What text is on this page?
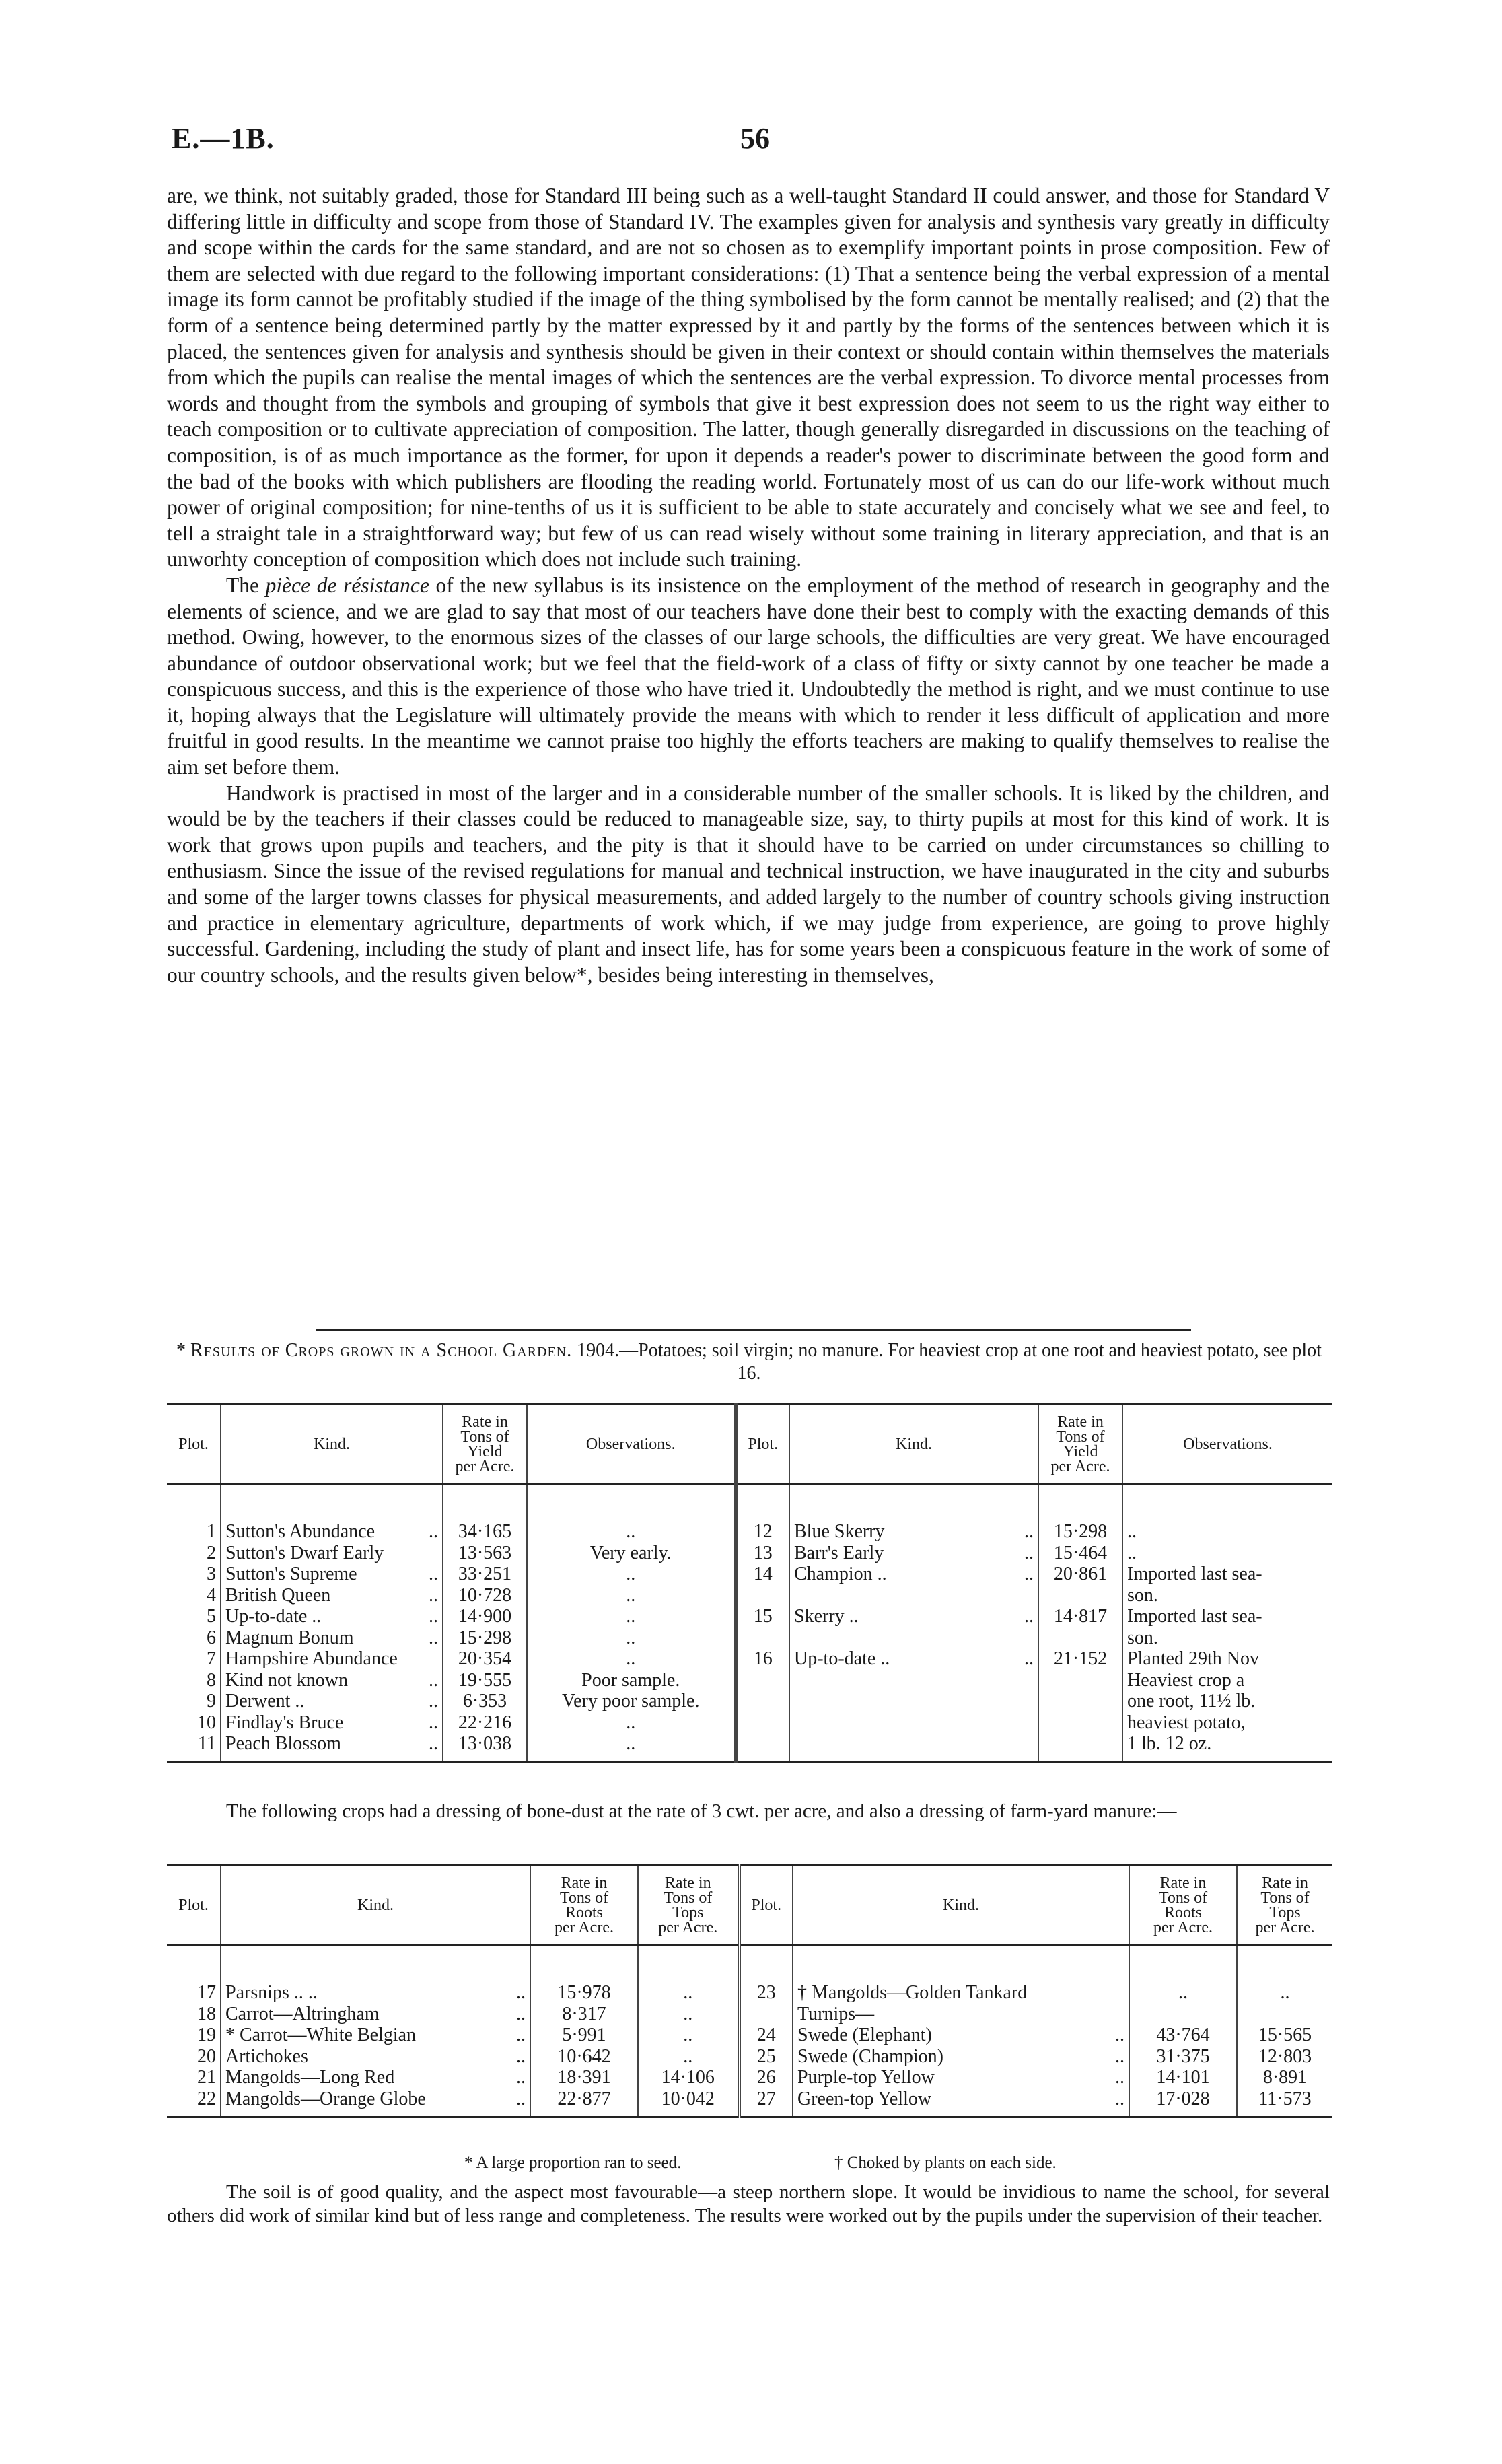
E.—1B.	56

are, we think, not suitably graded, those for Standard III being such as a well-taught Standard II could answer, and those for Standard V differing little in difficulty and scope from those of Standard IV. The examples given for analysis and synthesis vary greatly in difficulty and scope within the cards for the same standard, and are not so chosen as to exemplify important points in prose composition. Few of them are selected with due regard to the following important considerations: (1) That a sentence being the verbal expression of a mental image its form cannot be profitably studied if the image of the thing symbolised by the form cannot be mentally realised; and (2) that the form of a sentence being determined partly by the matter expressed by it and partly by the forms of the sentences between which it is placed, the sentences given for analysis and synthesis should be given in their context or should contain within themselves the materials from which the pupils can realise the mental images of which the sentences are the verbal expression. To divorce mental processes from words and thought from the symbols and grouping of symbols that give it best expression does not seem to us the right way either to teach composition or to cultivate appreciation of composition. The latter, though generally disregarded in discussions on the teaching of composition, is of as much importance as the former, for upon it depends a reader's power to discriminate between the good form and the bad of the books with which publishers are flooding the reading world. Fortunately most of us can do our life-work without much power of original composition; for nine-tenths of us it is sufficient to be able to state accurately and concisely what we see and feel, to tell a straight tale in a straightforward way; but few of us can read wisely without some training in literary appreciation, and that is an unworhty conception of composition which does not include such training.

The pièce de résistance of the new syllabus is its insistence on the employment of the method of research in geography and the elements of science, and we are glad to say that most of our teachers have done their best to comply with the exacting demands of this method. Owing, however, to the enormous sizes of the classes of our large schools, the difficulties are very great. We have encouraged abundance of outdoor observational work; but we feel that the field-work of a class of fifty or sixty cannot by one teacher be made a conspicuous success, and this is the experience of those who have tried it. Undoubtedly the method is right, and we must continue to use it, hoping always that the Legislature will ultimately provide the means with which to render it less difficult of application and more fruitful in good results. In the meantime we cannot praise too highly the efforts teachers are making to qualify themselves to realise the aim set before them.

Handwork is practised in most of the larger and in a considerable number of the smaller schools. It is liked by the children, and would be by the teachers if their classes could be reduced to manageable size, say, to thirty pupils at most for this kind of work. It is work that grows upon pupils and teachers, and the pity is that it should have to be carried on under circumstances so chilling to enthusiasm. Since the issue of the revised regulations for manual and technical instruction, we have inaugurated in the city and suburbs and some of the larger towns classes for physical measurements, and added largely to the number of country schools giving instruction and practice in elementary agriculture, departments of work which, if we may judge from experience, are going to prove highly successful. Gardening, including the study of plant and insect life, has for some years been a conspicuous feature in the work of some of our country schools, and the results given below*, besides being interesting in themselves,

* Results of Crops grown in a School Garden. 1904.—Potatoes; soil virgin; no manure. For heaviest crop at one root and heaviest potato, see plot 16.
Plot.	Kind.	Rate in
Tons of
Yield
per Acre.	Observations.	Plot.	Kind.	Rate in
Tons of
Yield
per Acre.	Observations.

1	Sutton's Abundance ..	34·165	..	12	Blue Skerry ..	15·298	..
2	Sutton's Dwarf Early	13·563	Very early.	13	Barr's Early ..	15·464	..
3	Sutton's Supreme ..	33·251	..	14	Champion .. ..	20·861	Imported last sea-
4	British Queen ..	10·728	..				son.
5	Up-to-date .. ..	14·900	..	15	Skerry .. ..	14·817	Imported last sea-
6	Magnum Bonum ..	15·298	..				son.
7	Hampshire Abundance	20·354	..	16	Up-to-date .. ..	21·152	Planted 29th Nov
8	Kind not known ..	19·555	Poor sample.				Heaviest crop a
9	Derwent .. ..	6·353	Very poor sample.				one root, 11½ lb.
10	Findlay's Bruce ..	22·216	..				heaviest potato,
11	Peach Blossom ..	13·038	..				1 lb. 12 oz.
The following crops had a dressing of bone-dust at the rate of 3 cwt. per acre, and also a dressing of farm-yard manure:—
Plot.	Kind.	Rate in
Tons of
Roots
per Acre.	Rate in
Tons of
Tops
per Acre.	Plot.	Kind.	Rate in
Tons of
Roots
per Acre.	Rate in
Tons of
Tops
per Acre.

17	Parsnips .. .. ..	15·978	..	23	† Mangolds—Golden Tankard	..	..
18	Carrot—Altringham ..	8·317	..		Turnips—

19	* Carrot—White Belgian ..	5·991	..	24	Swede (Elephant) ..	43·764	15·565
20	Artichokes ..	10·642	..	25	Swede (Champion) ..	31·375	12·803
21	Mangolds—Long Red ..	18·391	14·106	26	Purple-top Yellow ..	14·101	8·891
22	Mangolds—Orange Globe ..	22·877	10·042	27	Green-top Yellow ..	17·028	11·573
* A large proportion ran to seed.	† Choked by plants on each side.

The soil is of good quality, and the aspect most favourable—a steep northern slope. It would be invidious to name the school, for several others did work of similar kind but of less range and completeness. The results were worked out by the pupils under the supervision of their teacher.
